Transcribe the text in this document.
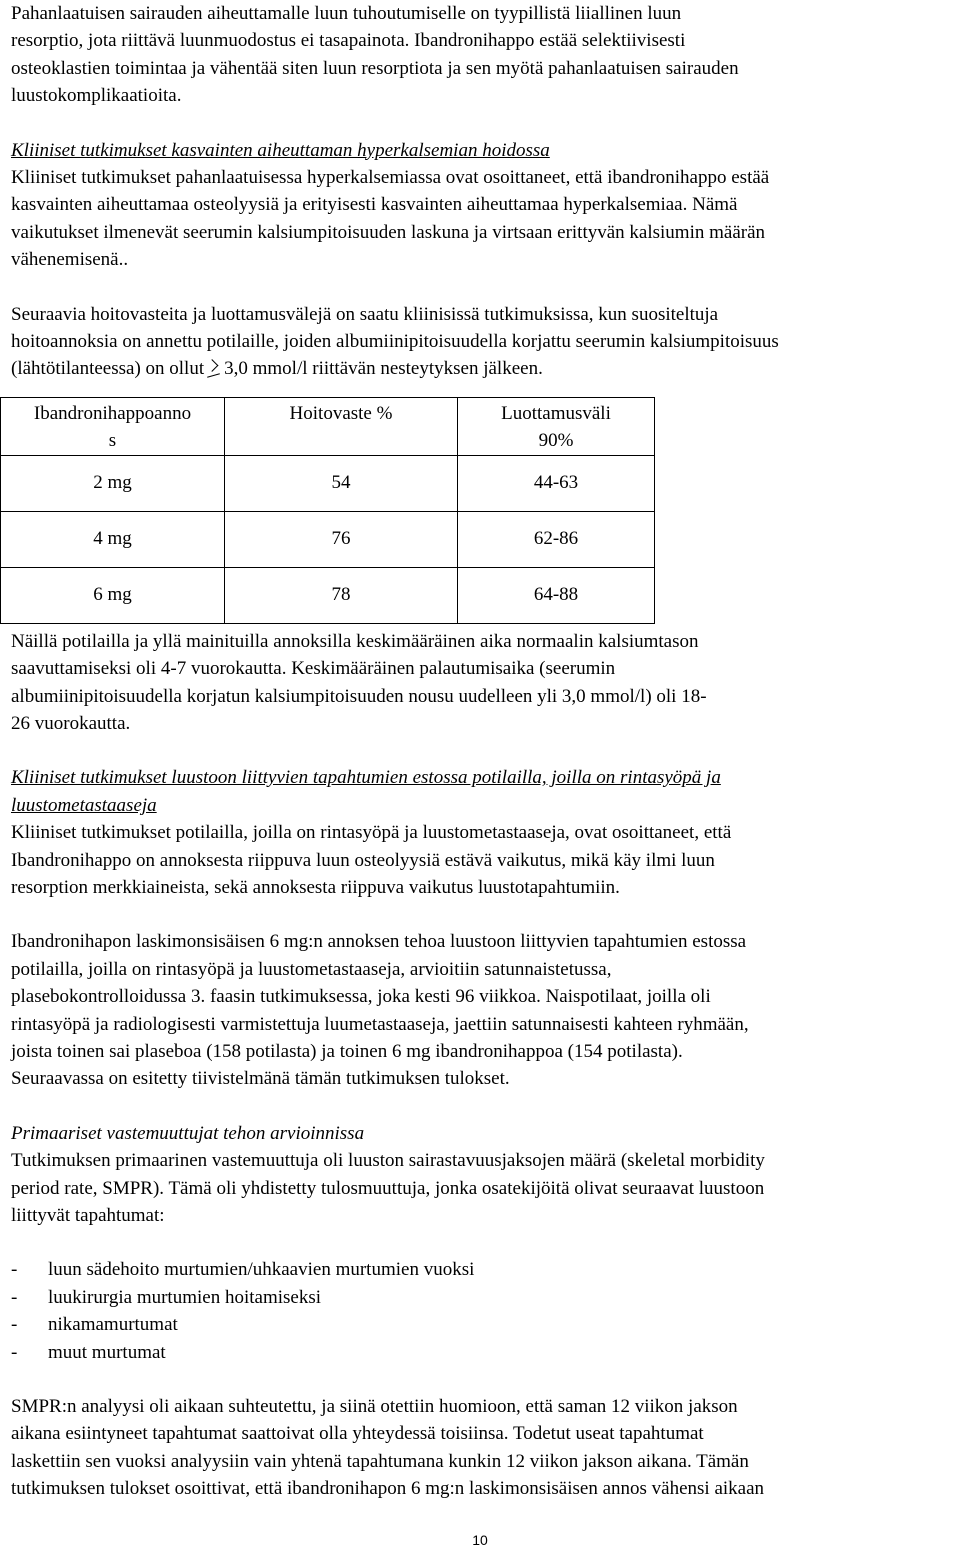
Pahanlaatuisen sairauden aiheuttamalle luun tuhoutumiselle on tyypillistä liiallinen luun

resorptio, jota riittävä luunmuodostus ei tasapainota. Ibandronihappo estää selektiivisesti

osteoklastien toimintaa ja vähentää siten luun resorptiota ja sen myötä pahanlaatuisen sairauden

luustokomplikaatioita.

Kliiniset tutkimukset kasvainten aiheuttaman hyperkalsemian hoidossa

Kliiniset tutkimukset pahanlaatuisessa hyperkalsemiassa ovat osoittaneet, että ibandronihappo estää

kasvainten aiheuttamaa osteolyysiä ja erityisesti kasvainten aiheuttamaa hyperkalsemiaa. Nämä

vaikutukset ilmenevät seerumin kalsiumpitoisuuden laskuna ja virtsaan erittyvän kalsiumin määrän

vähenemisenä..

Seuraavia hoitovasteita ja luottamusvälejä on saatu kliinisissä tutkimuksissa, kun suositeltuja

hoitoannoksia on annettu potilaille, joiden albumiinipitoisuudella korjattu seerumin kalsiumpitoisuus

(lähtötilanteessa) on ollut 3,0 mmol/l riittävän nesteytyksen jälkeen.

Ibandronihappoanno
s	Hoitovaste %	Luottamusväli
90%
2 mg	54	44-63
4 mg	76	62-86
6 mg	78	64-88

Näillä potilailla ja yllä mainituilla annoksilla keskimääräinen aika normaalin kalsiumtason

saavuttamiseksi oli 4-7 vuorokautta. Keskimääräinen palautumisaika (seerumin

albumiinipitoisuudella korjatun kalsiumpitoisuuden nousu uudelleen yli 3,0 mmol/l) oli 18-

26 vuorokautta.

Kliiniset tutkimukset luustoon liittyvien tapahtumien estossa potilailla, joilla on rintasyöpä ja

luustometastaaseja

Kliiniset tutkimukset potilailla, joilla on rintasyöpä ja luustometastaaseja, ovat osoittaneet, että

Ibandronihappo on annoksesta riippuva luun osteolyysiä estävä vaikutus, mikä käy ilmi luun

resorption merkkiaineista, sekä annoksesta riippuva vaikutus luustotapahtumiin.

Ibandronihapon laskimonsisäisen 6 mg:n annoksen tehoa luustoon liittyvien tapahtumien estossa

potilailla, joilla on rintasyöpä ja luustometastaaseja, arvioitiin satunnaistetussa,

plasebokontrolloidussa 3. faasin tutkimuksessa, joka kesti 96 viikkoa. Naispotilaat, joilla oli

rintasyöpä ja radiologisesti varmistettuja luumetastaaseja, jaettiin satunnaisesti kahteen ryhmään,

joista toinen sai plaseboa (158 potilasta) ja toinen 6 mg ibandronihappoa (154 potilasta).

Seuraavassa on esitetty tiivistelmänä tämän tutkimuksen tulokset.

Primaariset vastemuuttujat tehon arvioinnissa

Tutkimuksen primaarinen vastemuuttuja oli luuston sairastavuusjaksojen määrä (skeletal morbidity

period rate, SMPR). Tämä oli yhdistetty tulosmuuttuja, jonka osatekijöitä olivat seuraavat luustoon

liittyvät tapahtumat:

- luun sädehoito murtumien/uhkaavien murtumien vuoksi
- luukirurgia murtumien hoitamiseksi
- nikamamurtumat
- muut murtumat

SMPR:n analyysi oli aikaan suhteutettu, ja siinä otettiin huomioon, että saman 12 viikon jakson

aikana esiintyneet tapahtumat saattoivat olla yhteydessä toisiinsa. Todetut useat tapahtumat

laskettiin sen vuoksi analyysiin vain yhtenä tapahtumana kunkin 12 viikon jakson aikana. Tämän

tutkimuksen tulokset osoittivat, että ibandronihapon 6 mg:n laskimonsisäisen annos vähensi aikaan

10
